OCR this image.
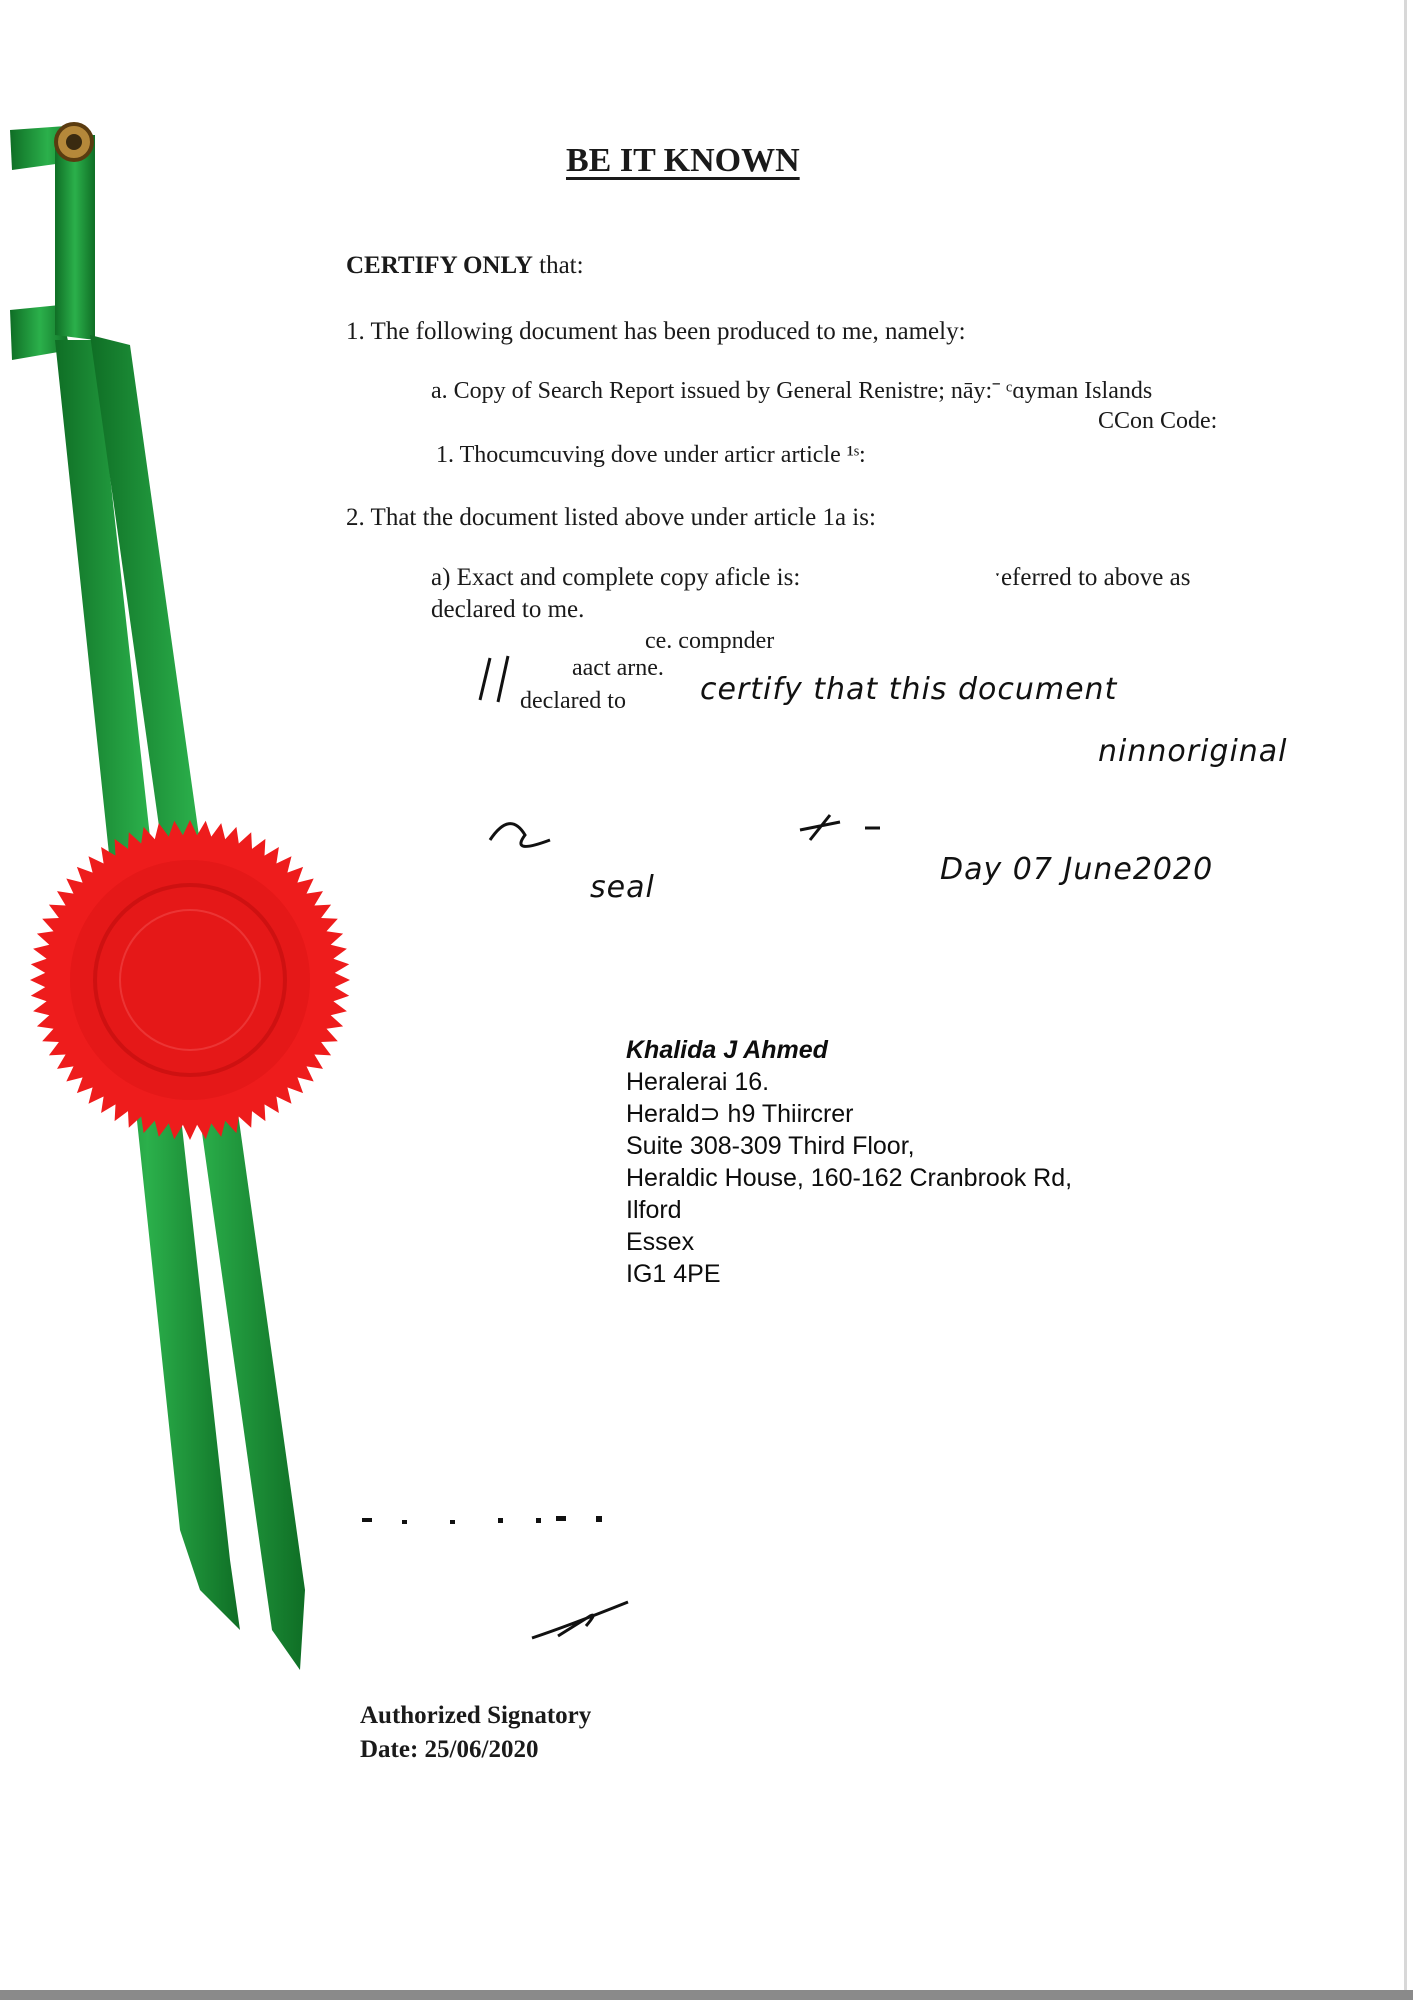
BE IT KNOWN
CERTIFY ONLY that:
1. The following document has been produced to me, namely:
a. Copy of Search Report issued by General Renistre; nāy:ˉ ᶜɑyman Islands
CCon Code:
1. Thocumcuving dove under articr article ¹ˢ:
2. That the document listed above under article 1a is:
a) Exact and complete copy aficle is:	ˑeferred to above as
declared to me.
ce. compnder
aact arne.
declared to certify that this document
ninnoriginal
seal
Day 07 June2020
Khalida J Ahmed
Heralerai 16.
Herald⊃ h9 Thiircrer
Suite 308-309 Third Floor,
Heraldic House, 160-162 Cranbrook Rd,
Ilford
Essex
IG1 4PE
Authorized Signatory
Date: 25/06/2020
